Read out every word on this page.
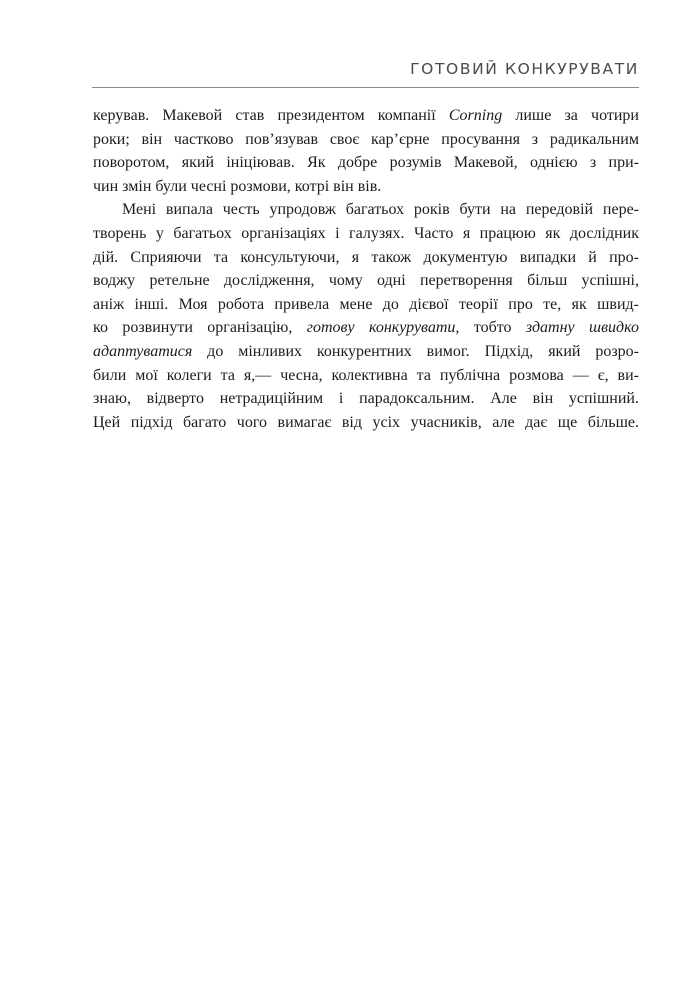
ГОТОВИЙ КОНКУРУВАТИ

керував. Макевой став президентом компанії Corning лише за чотири
роки; він частково пов’язував своє кар’єрне просування з радикальним
поворотом, який ініціював. Як добре розумів Макевой, однією з при-
чин змін були чесні розмови, котрі він вів.

Мені випала честь упродовж багатьох років бути на передовій пере-
творень у багатьох організаціях і галузях. Часто я працюю як дослідник
дій. Сприяючи та консультуючи, я також документую випадки й про-
воджу ретельне дослідження, чому одні перетворення більш успішні,
аніж інші. Моя робота привела мене до дієвої теорії про те, як швид-
ко розвинути організацію, готову конкурувати, тобто здатну швидко
адаптуватися до мінливих конкурентних вимог. Підхід, який розро-
били мої колеги та я,— чесна, колективна та публічна розмова — є, ви-
знаю, відверто нетрадиційним і парадоксальним. Але він успішний.
Цей підхід багато чого вимагає від усіх учасників, але дає ще більше.
